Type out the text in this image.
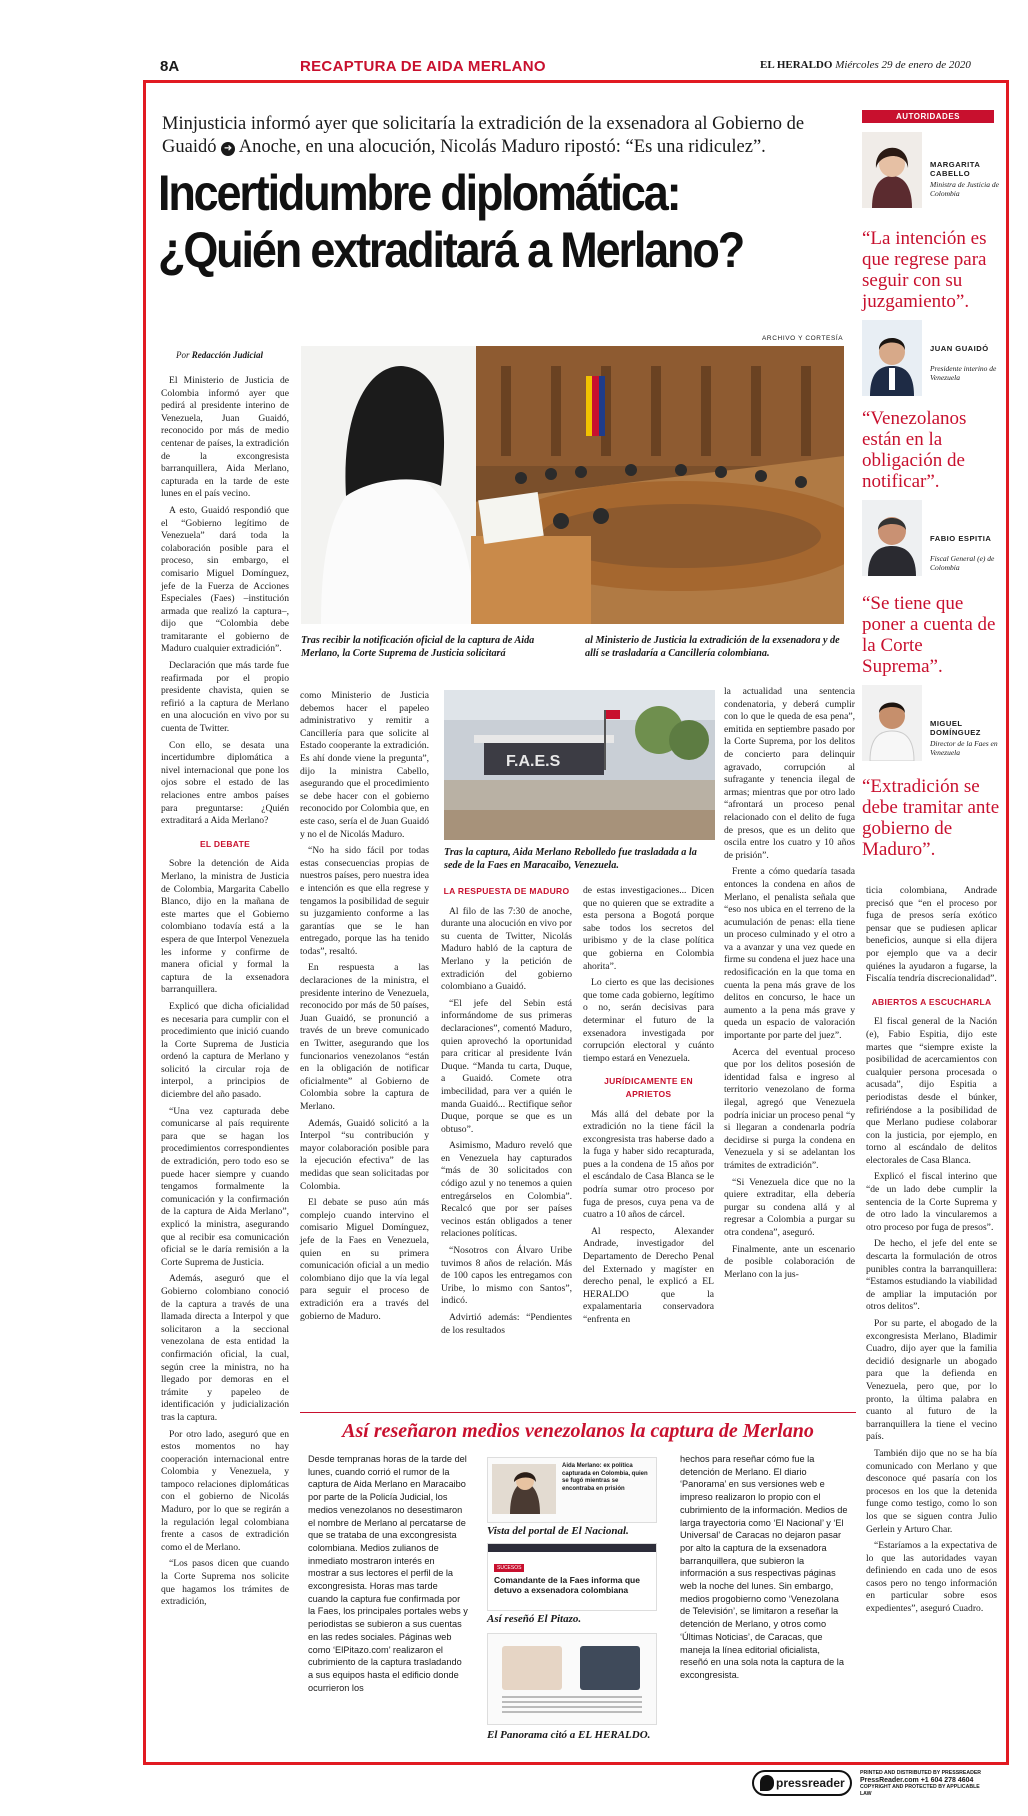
8A	RECAPTURA DE AIDA MERLANO	EL HERALDO Miércoles 29 de enero de 2020
Minjusticia informó ayer que solicitaría la extradición de la exsenadora al Gobierno de Guaidó ➜ Anoche, en una alocución, Nicolás Maduro ripostó: “Es una ridiculez”.
Incertidumbre diplomática:
¿Quién extraditará a Merlano?
Por Redacción Judicial
ARCHIVO Y CORTESÍA
Tras recibir la notificación oficial de la captura de Aida Merlano, la Corte Suprema de Justicia solicitará
al Ministerio de Justicia la extradición de la exsenadora y de allí se trasladaría a Cancillería colombiana.
F.A.E.S
Tras la captura, Aida Merlano Rebolledo fue trasladada a la sede de la Faes en Maracaibo, Venezuela.

El Ministerio de Justicia de Colombia informó ayer que pedirá al presidente interino de Venezuela, Juan Guaidó, reconocido por más de medio centenar de países, la extradición de la excongresista barranquillera, Aida Merlano, capturada en la tarde de este lunes en el país vecino.

A esto, Guaidó respondió que el “Gobierno legítimo de Venezuela” dará toda la colaboración posible para el proceso, sin embargo, el comisario Miguel Domínguez, jefe de la Fuerza de Acciones Especiales (Faes) –institución armada que realizó la captura–, dijo que “Colombia debe tramitarante el gobierno de Maduro cualquier extradición”.

Declaración que más tarde fue reafirmada por el propio presidente chavista, quien se refirió a la captura de Merlano en una alocución en vivo por su cuenta de Twitter.

Con ello, se desata una incertidumbre diplomática a nivel internacional que pone los ojos sobre el estado de las relaciones entre ambos países para preguntarse: ¿Quién extraditará a Aida Merlano?

EL DEBATE

Sobre la detención de Aida Merlano, la ministra de Justicia de Colombia, Margarita Cabello Blanco, dijo en la mañana de este martes que el Gobierno colombiano todavía está a la espera de que Interpol Venezuela les informe y confirme de manera oficial y formal la captura de la exsenadora barranquillera.

Explicó que dicha oficialidad es necesaria para cumplir con el procedimiento que inició cuando la Corte Suprema de Justicia ordenó la captura de Merlano y solicitó la circular roja de interpol, a principios de diciembre del año pasado.

“Una vez capturada debe comunicarse al país requirente para que se hagan los procedimientos correspondientes de extradición, pero todo eso se puede hacer siempre y cuando tengamos formalmente la comunicación y la confirmación de la captura de Aida Merlano”, explicó la ministra, asegurando que al recibir esa comunicación oficial se le daría remisión a la Corte Suprema de Justicia.

Además, aseguró que el Gobierno colombiano conoció de la captura a través de una llamada directa a Interpol y que solicitaron a la seccional venezolana de esta entidad la confirmación oficial, la cual, según cree la ministra, no ha llegado por demoras en el trámite y papeleo de identificación y judicialización tras la captura.

Por otro lado, aseguró que en estos momentos no hay cooperación internacional entre Colombia y Venezuela, y tampoco relaciones diplomáticas con el gobierno de Nicolás Maduro, por lo que se regirán a la regulación legal colombiana frente a casos de extradición como el de Merlano.

“Los pasos dicen que cuando la Corte Suprema nos solicite que hagamos los trámites de extradición,

como Ministerio de Justicia debemos hacer el papeleo administrativo y remitir a Cancillería para que solicite al Estado cooperante la extradición. Es ahí donde viene la pregunta”, dijo la ministra Cabello, asegurando que el procedimiento se debe hacer con el gobierno reconocido por Colombia que, en este caso, sería el de Juan Guaidó y no el de Nicolás Maduro.

“No ha sido fácil por todas estas consecuencias propias de nuestros países, pero nuestra idea e intención es que ella regrese y tengamos la posibilidad de seguir su juzgamiento conforme a las garantías que se le han entregado, porque las ha tenido todas”, resaltó.

En respuesta a las declaraciones de la ministra, el presidente interino de Venezuela, reconocido por más de 50 países, Juan Guaidó, se pronunció a través de un breve comunicado en Twitter, asegurando que los funcionarios venezolanos “están en la obligación de notificar oficialmente” al Gobierno de Colombia sobre la captura de Merlano.

Además, Guaidó solicitó a la Interpol “su contribución y mayor colaboración posible para la ejecución efectiva” de las medidas que sean solicitadas por Colombia.

El debate se puso aún más complejo cuando intervino el comisario Miguel Domínguez, jefe de la Faes en Venezuela, quien en su primera comunicación oficial a un medio colombiano dijo que la vía legal para seguir el proceso de extradición era a través del gobierno de Maduro.

LA RESPUESTA DE MADURO

Al filo de las 7:30 de anoche, durante una alocución en vivo por su cuenta de Twitter, Nicolás Maduro habló de la captura de Merlano y la petición de extradición del gobierno colombiano a Guaidó.

“El jefe del Sebin está informándome de sus primeras declaraciones”, comentó Maduro, quien aprovechó la oportunidad para criticar al presidente Iván Duque. “Manda tu carta, Duque, a Guaidó. Comete otra imbecilidad, para ver a quién le manda Guaidó... Rectifique señor Duque, porque se que es un obtuso”.

Asimismo, Maduro reveló que en Venezuela hay capturados “más de 30 solicitados con código azul y no tenemos a quien entregárselos en Colombia”. Recalcó que por ser países vecinos están obligados a tener relaciones políticas.

“Nosotros con Álvaro Uribe tuvimos 8 años de relación. Más de 100 capos les entregamos con Uribe, lo mismo con Santos”, indicó.

Advirtió además: “Pendientes de los resultados

de estas investigaciones... Dicen que no quieren que se extradite a esta persona a Bogotá porque sabe todos los secretos del uribismo y de la clase política que gobierna en Colombia ahorita”.

Lo cierto es que las decisiones que tome cada gobierno, legítimo o no, serán decisivas para determinar el futuro de la exsenadora investigada por corrupción electoral y cuánto tiempo estará en Venezuela.

JURÍDICAMENTE EN APRIETOS

Más allá del debate por la extradición no la tiene fácil la excongresista tras haberse dado a la fuga y haber sido recapturada, pues a la condena de 15 años por el escándalo de Casa Blanca se le podría sumar otro proceso por fuga de presos, cuya pena va de cuatro a 10 años de cárcel.

Al respecto, Alexander Andrade, investigador del Departamento de Derecho Penal del Externado y magíster en derecho penal, le explicó a EL HERALDO que la expalamentaria conservadora “enfrenta en

la actualidad una sentencia condenatoria, y deberá cumplir con lo que le queda de esa pena”, emitida en septiembre pasado por la Corte Suprema, por los delitos de concierto para delinquir agravado, corrupción al sufragante y tenencia ilegal de armas; mientras que por otro lado “afrontará un proceso penal relacionado con el delito de fuga de presos, que es un delito que oscila entre los cuatro y 10 años de prisión”.

Frente a cómo quedaría tasada entonces la condena en años de Merlano, el penalista señala que “eso nos ubica en el terreno de la acumulación de penas: ella tiene un proceso culminado y el otro a va a avanzar y una vez quede en firme su condena el juez hace una redosificación en la que toma en cuenta la pena más grave de los delitos en concurso, le hace un aumento a la pena más grave y queda un espacio de valoración importante por parte del juez”.

Acerca del eventual proceso que por los delitos posesión de identidad falsa e ingreso al territorio venezolano de forma ilegal, agregó que Venezuela podría iniciar un proceso penal “y si llegaran a condenarla podría decidirse si purga la condena en Venezuela y si se adelantan los trámites de extradición”.

“Si Venezuela dice que no la quiere extraditar, ella debería purgar su condena allá y al regresar a Colombia a purgar su otra condena”, aseguró.

Finalmente, ante un escenario de posible colaboración de Merlano con la jus-

ticia colombiana, Andrade precisó que “en el proceso por fuga de presos sería exótico pensar que se pudiesen aplicar beneficios, aunque si ella dijera por ejemplo que va a decir quiénes la ayudaron a fugarse, la Fiscalía tendría discrecionalidad”.

ABIERTOS A ESCUCHARLA

El fiscal general de la Nación (e), Fabio Espitia, dijo este martes que “siempre existe la posibilidad de acercamientos con cualquier persona procesada o acusada”, dijo Espitia a periodistas desde el búnker, refiriéndose a la posibilidad de que Merlano pudiese colaborar con la justicia, por ejemplo, en torno al escándalo de delitos electorales de Casa Blanca.

Explicó el fiscal interino que “de un lado debe cumplir la sentencia de la Corte Suprema y de otro lado la vincularemos a otro proceso por fuga de presos”.

De hecho, el jefe del ente se descarta la formulación de otros punibles contra la barranquillera: “Estamos estudiando la viabilidad de ampliar la imputación por otros delitos”.

Por su parte, el abogado de la excongresista Merlano, Bladimir Cuadro, dijo ayer que la familia decidió designarle un abogado para que la defienda en Venezuela, pero que, por lo pronto, la última palabra en cuanto al futuro de la barranquillera la tiene el vecino país.

También dijo que no se ha bía comunicado con Merlano y que desconoce qué pasaría con los procesos en los que la detenida funge como testigo, como lo son los que se siguen contra Julio Gerlein y Arturo Char.

“Estaríamos a la expectativa de lo que las autoridades vayan definiendo en cada uno de esos casos pero no tengo información en particular sobre esos expedientes”, aseguró Cuadro.

Así reseñaron medios venezolanos la captura de Merlano
Desde tempranas horas de la tarde del lunes, cuando corrió el rumor de la captura de Aida Merlano en Maracaibo por parte de la Policía Judicial, los medios venezolanos no desestimaron el nombre de Merlano al percatarse de que se trataba de una excongresista colombiana. Medios zulianos de inmediato mostraron interés en mostrar a sus lectores el perfil de la excongresista. Horas mas tarde cuando la captura fue confirmada por la Faes, los principales portales webs y periodistas se subieron a sus cuentas en las redes sociales. Páginas web como ‘ElPitazo.com’ realizaron el cubrimiento de la captura trasladando a sus equipos hasta el edificio donde ocurrieron los
Aida Merlano: ex política capturada en Colombia, quien se fugó mientras se encontraba en prisión
Vista del portal de El Nacional.
SUCESOS
Comandante de la Faes informa que detuvo a exsenadora colombiana
Así reseñó El Pitazo.
El Panorama citó a EL HERALDO.
hechos para reseñar cómo fue la detención de Merlano. El diario ‘Panorama’ en sus versiones web e impreso realizaron lo propio con el cubrimiento de la información. Medios de larga trayectoria como ‘El Nacional’ y ‘El Universal’ de Caracas no dejaron pasar por alto la captura de la exsenadora barranquillera, que subieron la información a sus respectivas páginas web la noche del lunes. Sin embargo, medios progobierno como ‘Venezolana de Televisión’, se limitaron a reseñar la detención de Merlano, y otros como ‘Últimas Noticias’, de Caracas, que maneja la línea editorial oficialista, reseñó en una sola nota la captura de la excongresista.
AUTORIDADES
MARGARITA CABELLO
Ministra de Justicia de Colombia
“La intención es que regrese para seguir con su juzgamiento”.
JUAN GUAIDÓ
Presidente interino de Venezuela
“Venezolanos están en la obligación de notificar”.
FABIO ESPITIA
Fiscal General (e) de Colombia
“Se tiene que poner a cuenta de la Corte Suprema”.
MIGUEL DOMÍNGUEZ
Director de la Faes en Venezuela
“Extradición se debe tramitar ante gobierno de Maduro”.
pressreader
PRINTED AND DISTRIBUTED BY PRESSREADER
PressReader.com +1 604 278 4604
COPYRIGHT AND PROTECTED BY APPLICABLE LAW
